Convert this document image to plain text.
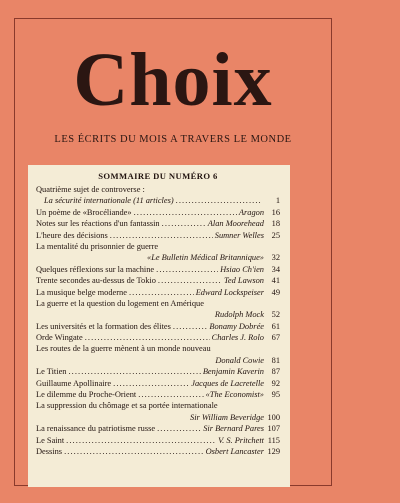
Choix
LES ÉCRITS DU MOIS A TRAVERS LE MONDE
SOMMAIRE DU NUMÉRO 6
Quatrième sujet de controverse :
La sécurité internationale (11 articles) . . .	1
Un poème de «Brocéliande» . . .	Aragon 16
Notes sur les réactions d'un fantassin . . .	Alan Moorehead 18
L'heure des décisions . . .	Sumner Welles 25
La mentalité du prisonnier de guerre
«Le Bulletin Médical Britannique» 32
Quelques réflexions sur la machine . . .	Hsiao Ch'ien 34
Trente secondes au-dessus de Tokio . . .	Ted Lawson 41
La musique belge moderne . . .	Edward Lockspeiser 49
La guerre et la question du logement en Amérique
Rudolph Mock 52
Les universités et la formation des élites . . .	Bonamy Dobrée 61
Orde Wingate . . .	Charles J. Rolo 67
Les routes de la guerre mènent à un monde nouveau
Donald Cowie 81
Le Titien . . .	Benjamin Kaverin 87
Guillaume Apollinaire . . .	Jacques de Lacretelle 92
Le dilemme du Proche-Orient . . .	«The Economist» 95
La suppression du chômage et sa portée internationale
Sir William Beveridge 100
La renaissance du patriotisme russe . . .	Sir Bernard Pares 107
Le Saint . . .	V. S. Pritchett 115
Dessins . . .	Osbert Lancaster 129
